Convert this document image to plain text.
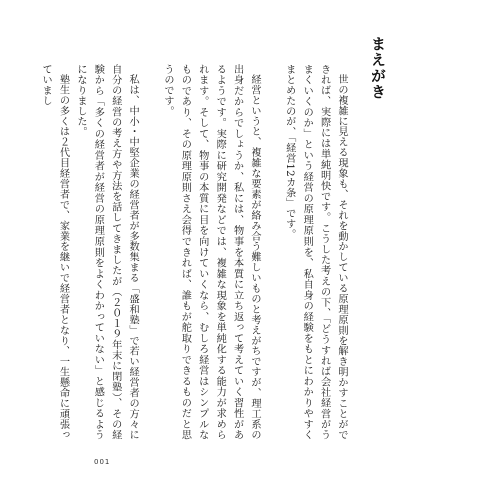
まえがき

世の複雑に見える現象も、それを動かしている原理原則を解き明かすことができれば、実際には単純明快です。こうした考えの下、「どうすれば会社経営がうまくいくのか」という経営の原理原則を、私自身の経験をもとにわかりやすくまとめたのが、「経営12カ条」です。

経営というと、複雑な要素が絡み合う難しいものと考えがちですが、理工系の出身だからでしょうか、私には、物事を本質に立ち返って考えていく習性があるようです。実際に研究開発などでは、複雑な現象を単純化する能力が求められます。そして、物事の本質に目を向けていくなら、むしろ経営はシンプルなものであり、その原理原則さえ会得できれば、誰もが舵取りできるものだと思うのです。

私は、中小・中堅企業の経営者が多数集まる「盛和塾」で若い経営者の方々に自分の経営の考え方や方法を話してきましたが（２０１９年末に閉塾）、その経験から「多くの経営者が経営の原理原則をよくわかっていない」と感じるようになりました。

塾生の多くは２代目経営者で、家業を継いで経営者となり、一生懸命に頑張っていまし

001
